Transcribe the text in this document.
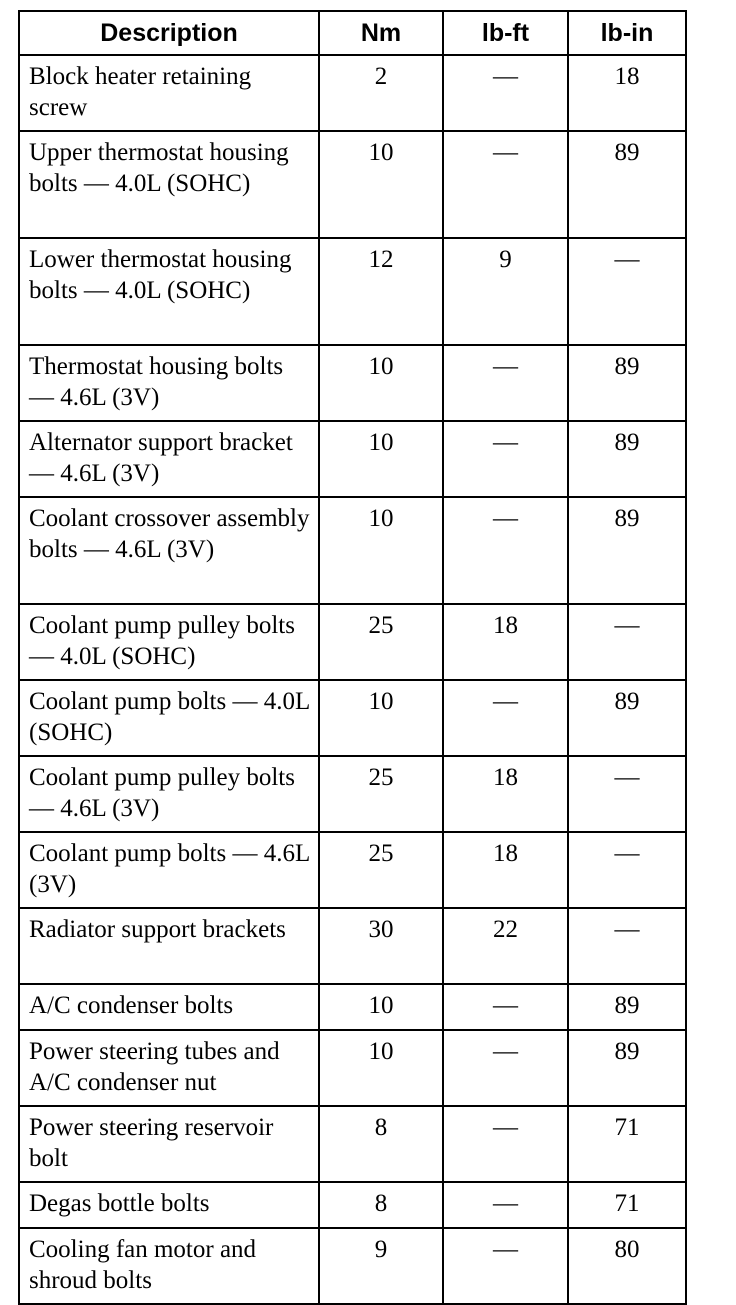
Description	Nm	lb-ft	lb-in
Block heater retaining screw	2	—	18
Upper thermostat housing bolts — 4.0L (SOHC)	10	—	89
Lower thermostat housing bolts — 4.0L (SOHC)	12	9	—
Thermostat housing bolts — 4.6L (3V)	10	—	89
Alternator support bracket — 4.6L (3V)	10	—	89
Coolant crossover assembly bolts — 4.6L (3V)	10	—	89
Coolant pump pulley bolts — 4.0L (SOHC)	25	18	—
Coolant pump bolts — 4.0L (SOHC)	10	—	89
Coolant pump pulley bolts — 4.6L (3V)	25	18	—
Coolant pump bolts — 4.6L (3V)	25	18	—
Radiator support brackets	30	22	—
A/C condenser bolts	10	—	89
Power steering tubes and A/C condenser nut	10	—	89
Power steering reservoir bolt	8	—	71
Degas bottle bolts	8	—	71
Cooling fan motor and shroud bolts	9	—	80
